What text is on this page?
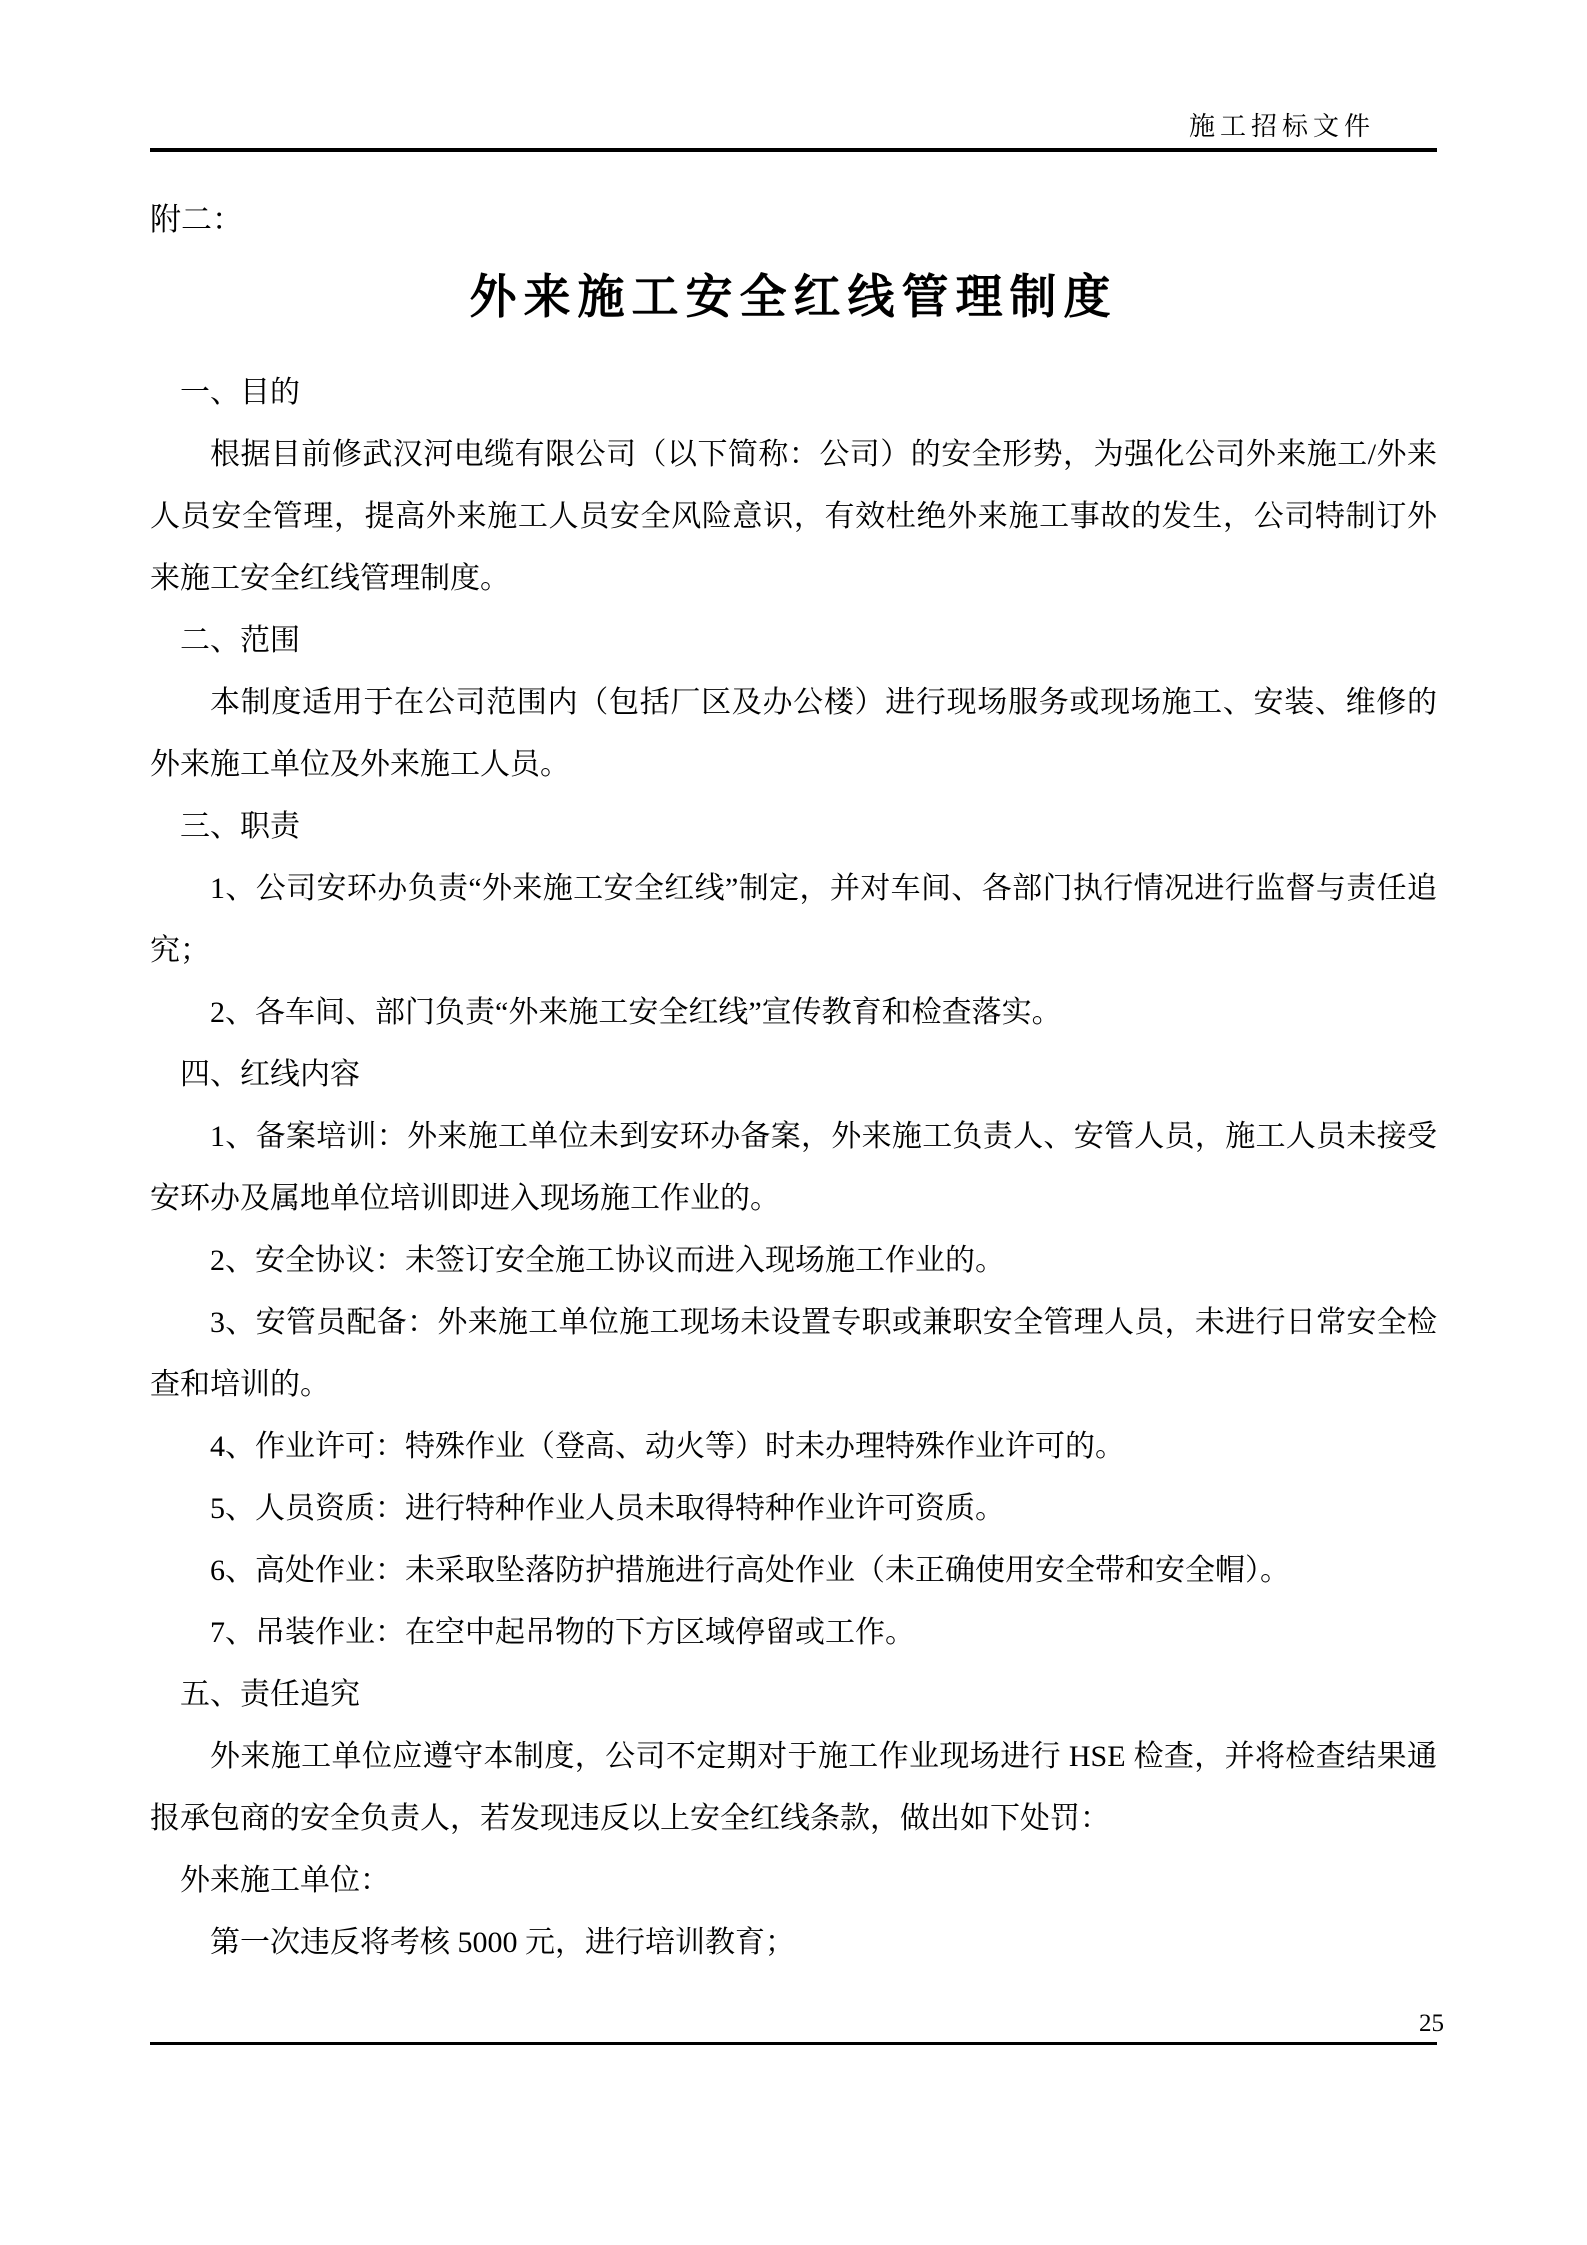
施工招标文件
附二：
外来施工安全红线管理制度
一、目的

根据目前修武汉河电缆有限公司（以下简称：公司）的安全形势，为强化公司外来施工/外来人员安全管理，提高外来施工人员安全风险意识，有效杜绝外来施工事故的发生，公司特制订外来施工安全红线管理制度。

二、范围

本制度适用于在公司范围内（包括厂区及办公楼）进行现场服务或现场施工、安装、维修的外来施工单位及外来施工人员。

三、职责

1、公司安环办负责“外来施工安全红线”制定，并对车间、各部门执行情况进行监督与责任追究；

2、各车间、部门负责“外来施工安全红线”宣传教育和检查落实。

四、红线内容

1、备案培训：外来施工单位未到安环办备案，外来施工负责人、安管人员，施工人员未接受安环办及属地单位培训即进入现场施工作业的。

2、安全协议：未签订安全施工协议而进入现场施工作业的。

3、安管员配备：外来施工单位施工现场未设置专职或兼职安全管理人员，未进行日常安全检查和培训的。

4、作业许可：特殊作业（登高、动火等）时未办理特殊作业许可的。

5、人员资质：进行特种作业人员未取得特种作业许可资质。

6、高处作业：未采取坠落防护措施进行高处作业（未正确使用安全带和安全帽）。

7、吊装作业：在空中起吊物的下方区域停留或工作。

五、责任追究

外来施工单位应遵守本制度，公司不定期对于施工作业现场进行 HSE 检查，并将检查结果通报承包商的安全负责人，若发现违反以上安全红线条款，做出如下处罚：

外来施工单位：

第一次违反将考核 5000 元，进行培训教育；

25
